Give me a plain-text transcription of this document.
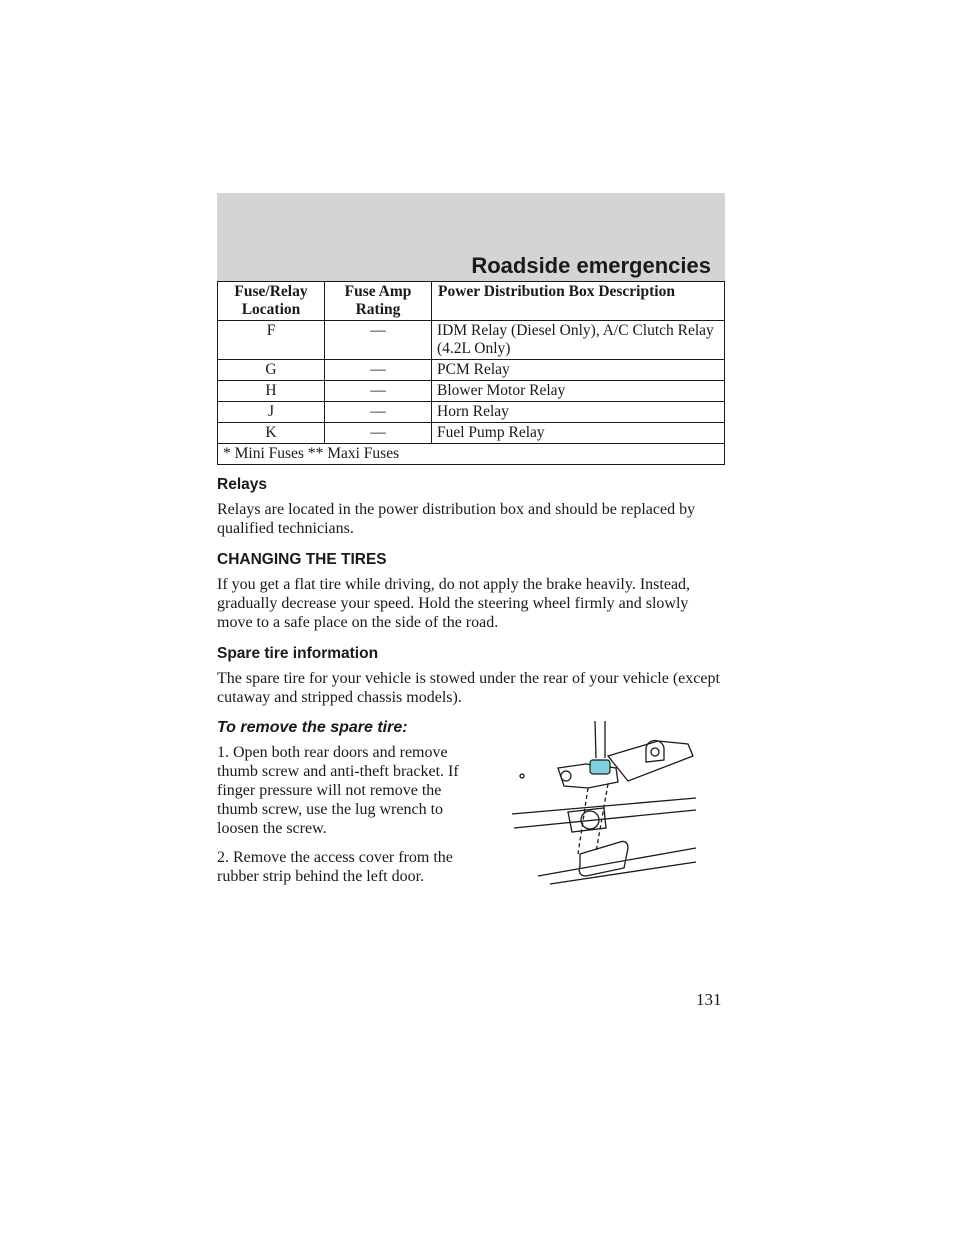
Roadside emergencies
Fuse/Relay Location	Fuse Amp Rating	Power Distribution Box Description
F	—	IDM Relay (Diesel Only), A/C Clutch Relay (4.2L Only)
G	—	PCM Relay
H	—	Blower Motor Relay
J	—	Horn Relay
K	—	Fuel Pump Relay
* Mini Fuses ** Maxi Fuses		
Relays

Relays are located in the power distribution box and should be replaced by qualified technicians.

CHANGING THE TIRES

If you get a flat tire while driving, do not apply the brake heavily. Instead, gradually decrease your speed. Hold the steering wheel firmly and slowly move to a safe place on the side of the road.

Spare tire information

The spare tire for your vehicle is stowed under the rear of your vehicle (except cutaway and stripped chassis models).

To remove the spare tire:

1. Open both rear doors and remove thumb screw and anti-theft bracket. If finger pressure will not remove the thumb screw, use the lug wrench to loosen the screw.

2. Remove the access cover from the rubber strip behind the left door.

131
